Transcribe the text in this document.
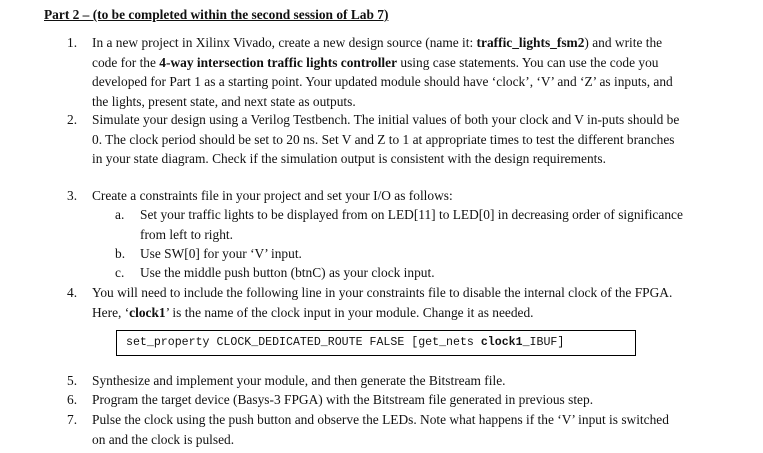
Part 2 – (to be completed within the second session of Lab 7)
1. In a new project in Xilinx Vivado, create a new design source (name it: traffic_lights_fsm2) and write the code for the 4-way intersection traffic lights controller using case statements. You can use the code you developed for Part 1 as a starting point. Your updated module should have ‘clock’, ‘V’ and ‘Z’ as inputs, and the lights, present state, and next state as outputs.
2. Simulate your design using a Verilog Testbench. The initial values of both your clock and V in-puts should be 0. The clock period should be set to 20 ns. Set V and Z to 1 at appropriate times to test the different branches in your state diagram. Check if the simulation output is consistent with the design requirements.
3. Create a constraints file in your project and set your I/O as follows:
a. Set your traffic lights to be displayed from on LED[11] to LED[0] in decreasing order of significance from left to right.
b. Use SW[0] for your ‘V’ input.
c. Use the middle push button (btnC) as your clock input.
4. You will need to include the following line in your constraints file to disable the internal clock of the FPGA. Here, ‘clock1’ is the name of the clock input in your module. Change it as needed.
set_property CLOCK_DEDICATED_ROUTE FALSE [get_nets clock1_IBUF]
5. Synthesize and implement your module, and then generate the Bitstream file.
6. Program the target device (Basys-3 FPGA) with the Bitstream file generated in previous step.
7. Pulse the clock using the push button and observe the LEDs. Note what happens if the ‘V’ input is switched on and the clock is pulsed.
